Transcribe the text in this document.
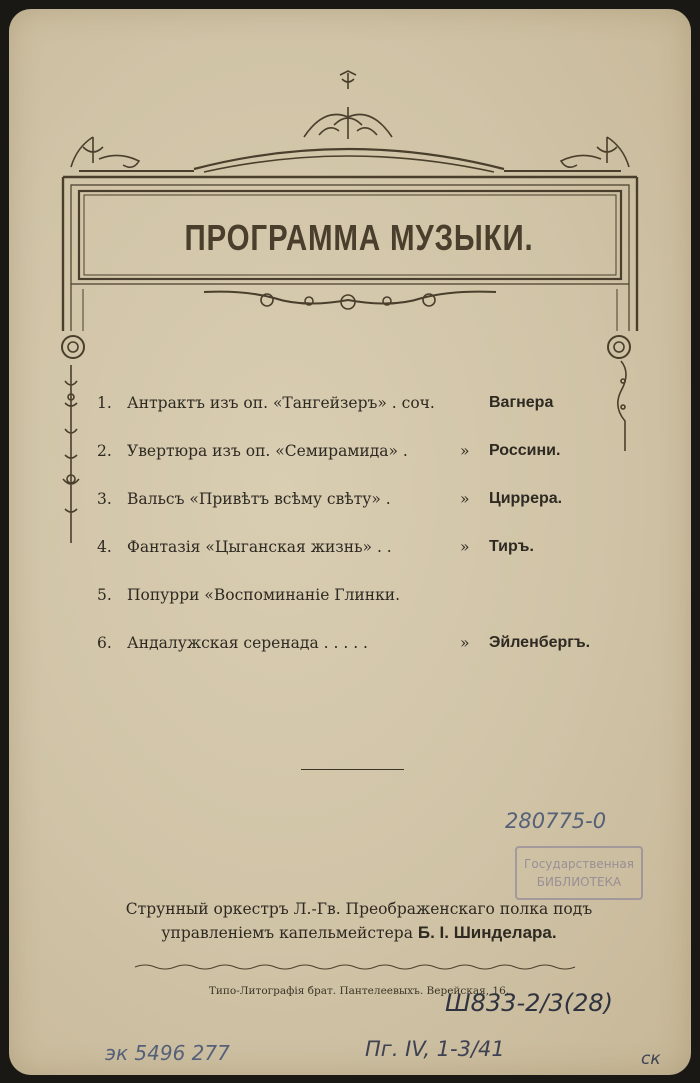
ПРОГРАММА МУЗЫКИ.
1. Антрактъ изъ оп. «Тангейзеръ» . соч.	Вагнера
2. Увертюра изъ оп. «Семирамида» .	» Россини.
3. Вальсъ «Привѣтъ всѣму свѣту» .	» Циррера.
4. Фантазія «Цыганская жизнь» . .	» Тиръ.
5. Попурри «Воспоминаніе Глинки.
6. Андалужская серенада . . . . .	» Эйленбергъ.
280775-0
Государственная
БИБЛИОТЕКА
Струнный оркестръ Л.-Гв. Преображенскаго полка подъ
управленіемъ капельмейстера Б. І. Шинделара.
Типо-Литографія брат. Пантелеевыхъ. Верейская, 16.
Ш833-2/3(28)
эк 5496 277	Пг. IV, 1-3/41	ск
